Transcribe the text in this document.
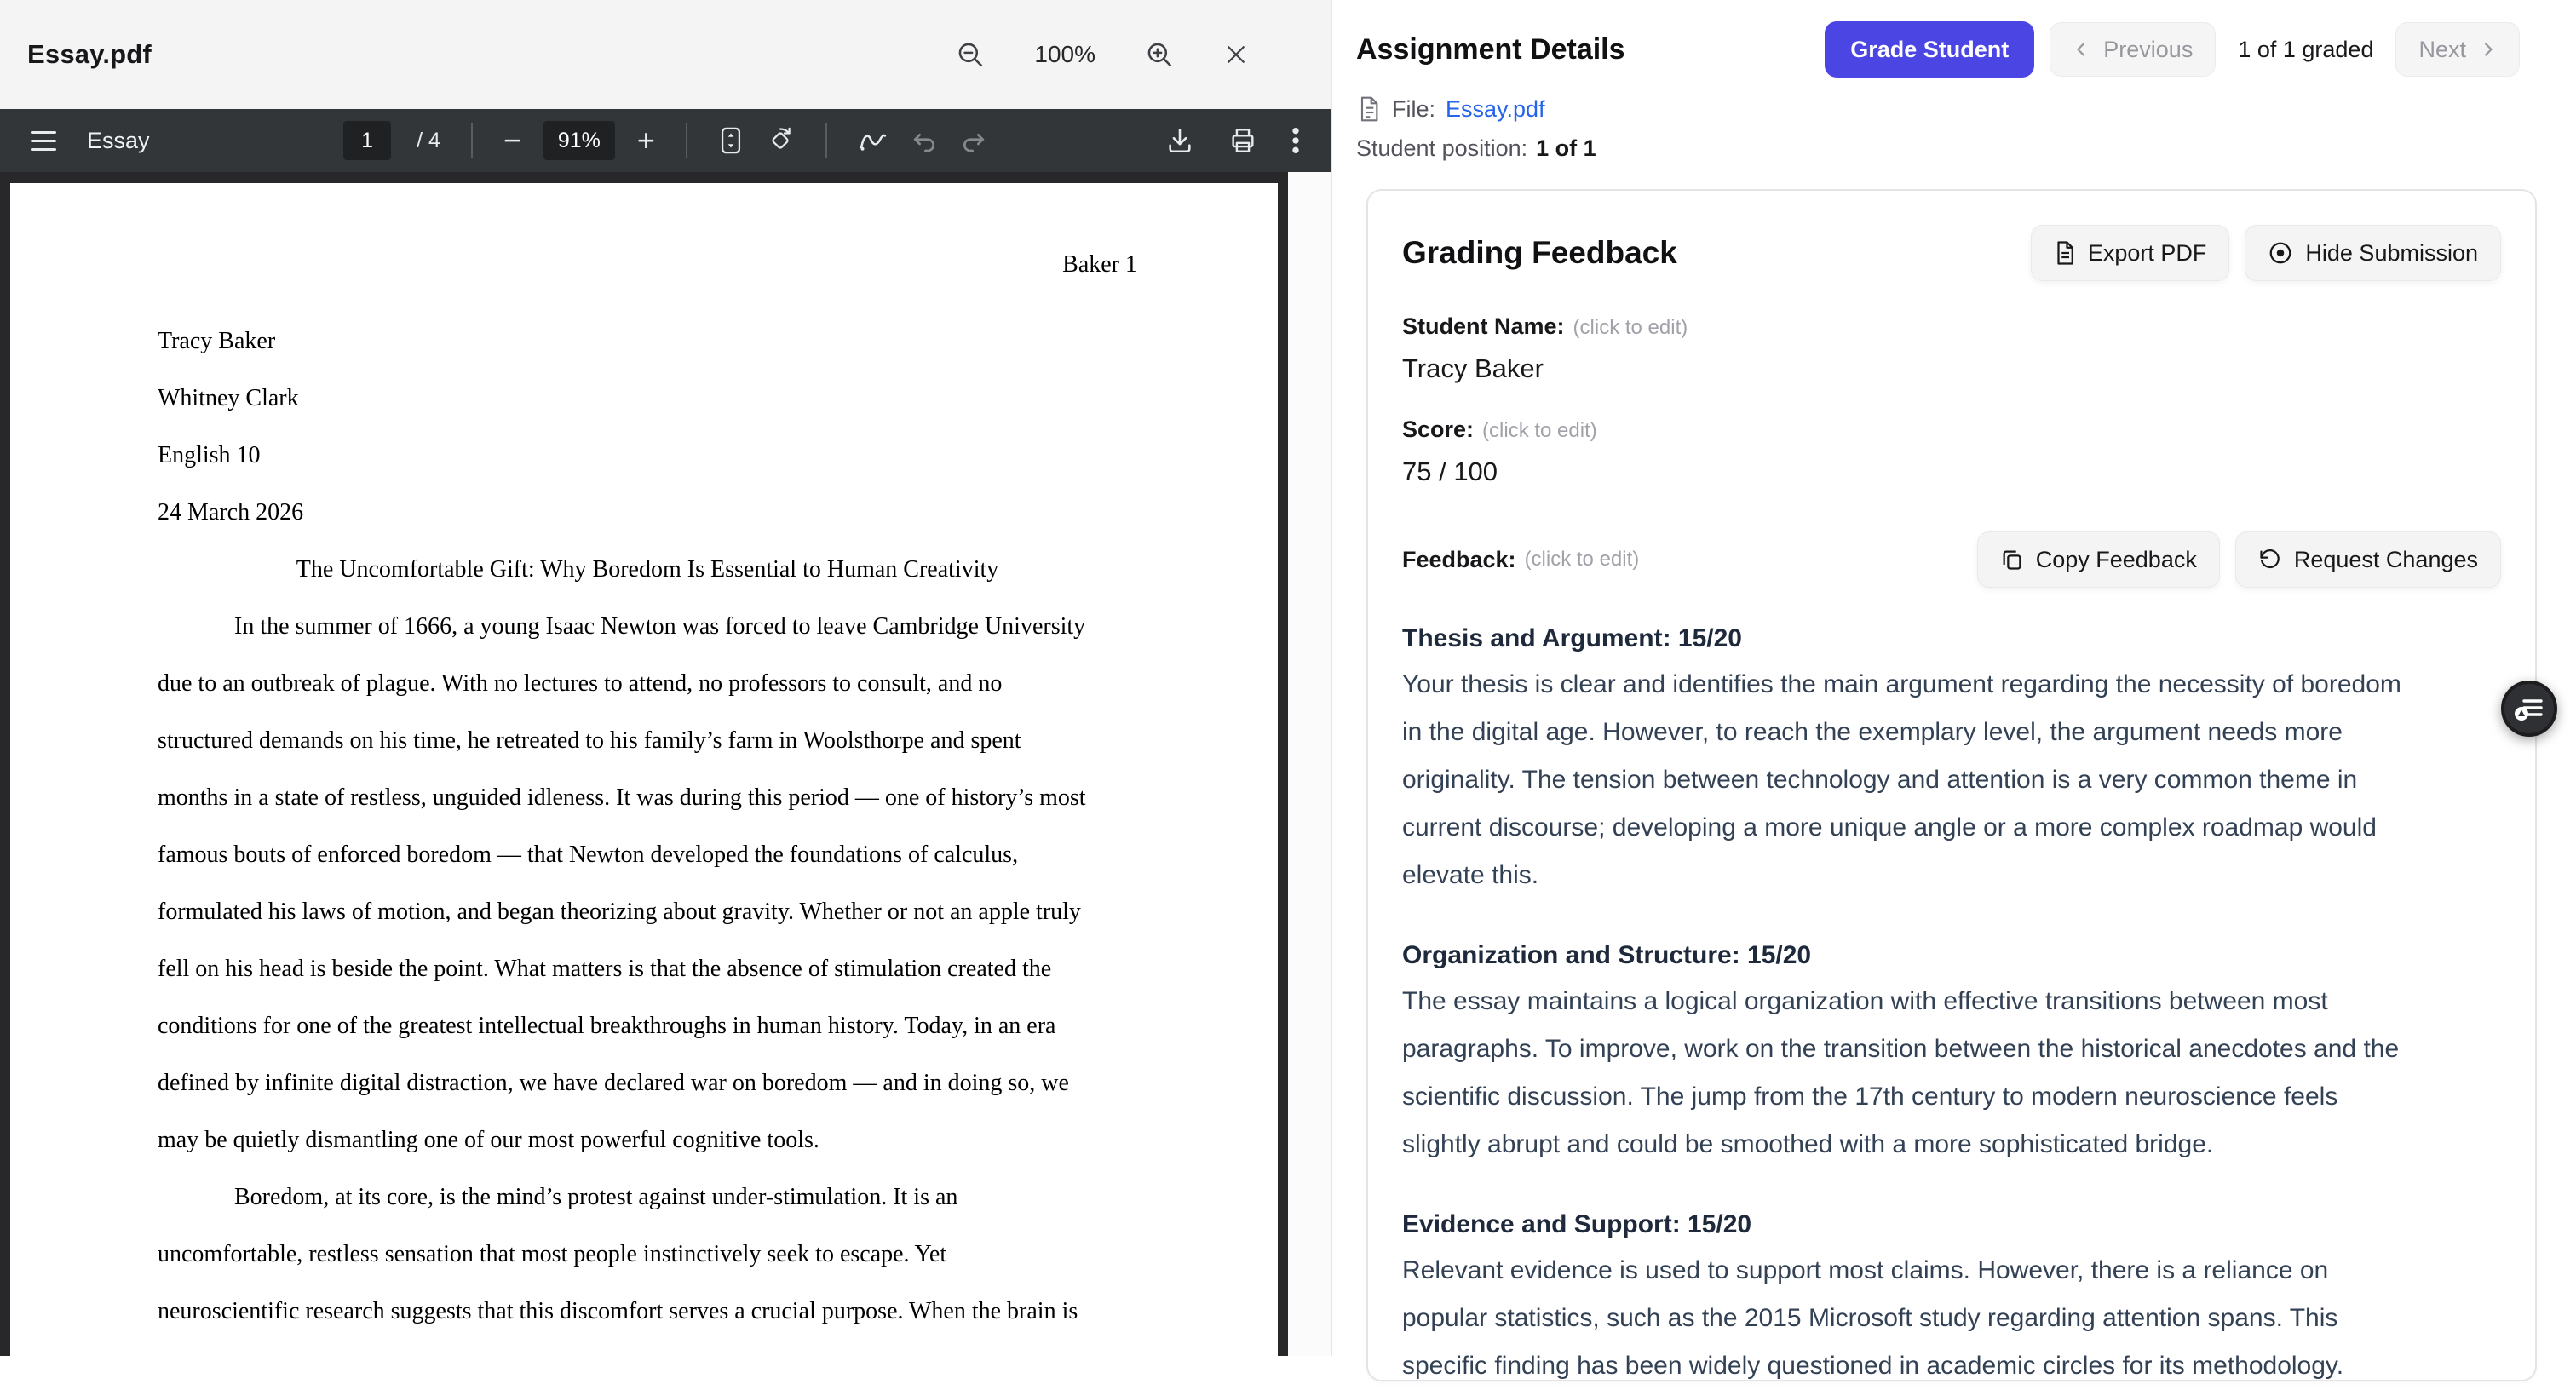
Essay.pdf	100%
Essay	1	/ 4 −	91%	+
Baker 1
Tracy Baker
Whitney Clark
English 10
24 March 2026
The Uncomfortable Gift: Why Boredom Is Essential to Human Creativity
In the summer of 1666, a young Isaac Newton was forced to leave Cambridge University
due to an outbreak of plague. With no lectures to attend, no professors to consult, and no
structured demands on his time, he retreated to his family’s farm in Woolsthorpe and spent
months in a state of restless, unguided idleness. It was during this period — one of history’s most
famous bouts of enforced boredom — that Newton developed the foundations of calculus,
formulated his laws of motion, and began theorizing about gravity. Whether or not an apple truly
fell on his head is beside the point. What matters is that the absence of stimulation created the
conditions for one of the greatest intellectual breakthroughs in human history. Today, in an era
defined by infinite digital distraction, we have declared war on boredom — and in doing so, we
may be quietly dismantling one of our most powerful cognitive tools.
Boredom, at its core, is the mind’s protest against under-stimulation. It is an
uncomfortable, restless sensation that most people instinctively seek to escape. Yet
neuroscientific research suggests that this discomfort serves a crucial purpose. When the brain is
Assignment Details	Grade Student	Previous 1 of 1 graded Next
File: Essay.pdf
Student position: 1 of 1
Grading Feedback	Export PDF	Hide Submission
Student Name: (click to edit)
Tracy Baker
Score: (click to edit)
75 / 100
Feedback: (click to edit)	Copy Feedback	Request Changes
Thesis and Argument: 15/20
Your thesis is clear and identifies the main argument regarding the necessity of boredom
in the digital age. However, to reach the exemplary level, the argument needs more
originality. The tension between technology and attention is a very common theme in
current discourse; developing a more unique angle or a more complex roadmap would
elevate this.
Organization and Structure: 15/20
The essay maintains a logical organization with effective transitions between most
paragraphs. To improve, work on the transition between the historical anecdotes and the
scientific discussion. The jump from the 17th century to modern neuroscience feels
slightly abrupt and could be smoothed with a more sophisticated bridge.
Evidence and Support: 15/20
Relevant evidence is used to support most claims. However, there is a reliance on
popular statistics, such as the 2015 Microsoft study regarding attention spans. This
specific finding has been widely questioned in academic circles for its methodology.
